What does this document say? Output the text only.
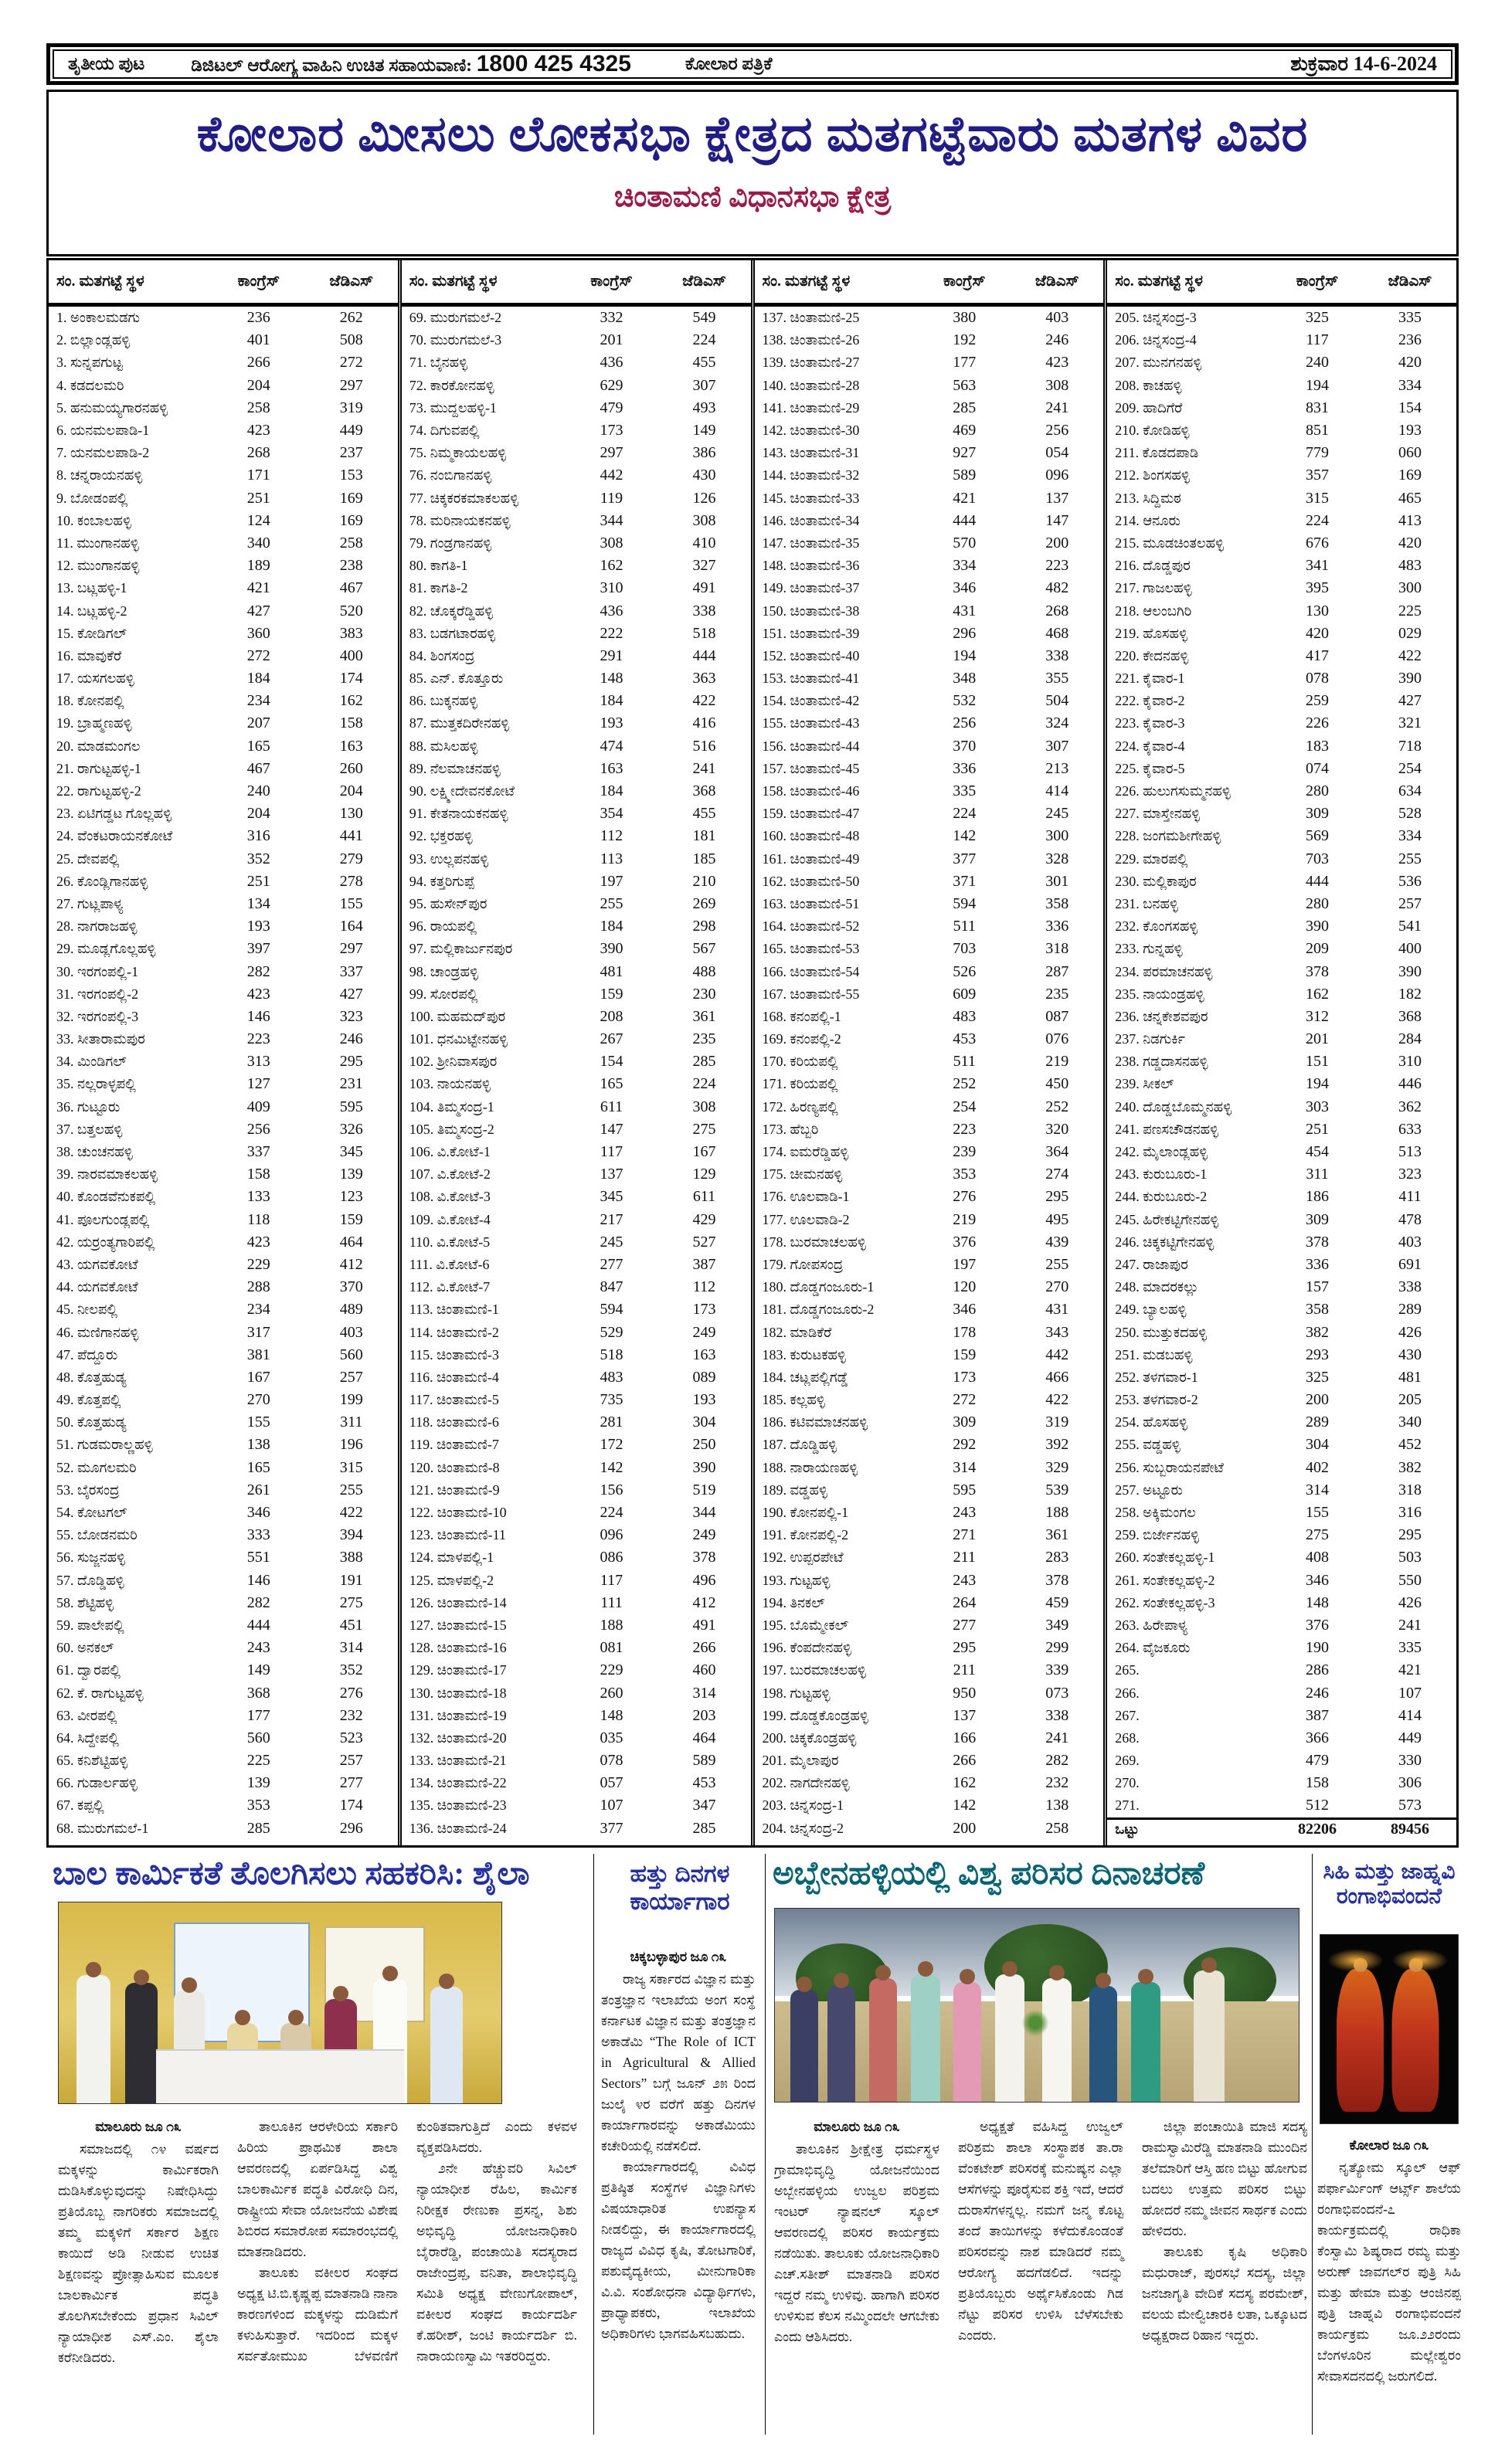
ತೃತೀಯ ಪುಟ	ಡಿಜಿಟಲ್ ಆರೋಗ್ಯ ವಾಹಿನಿ ಉಚಿತ ಸಹಾಯವಾಣಿ: 1800 425 4325	ಕೋಲಾರ ಪತ್ರಿಕೆ	ಶುಕ್ರವಾರ 14-6-2024
ಕೋಲಾರ ಮೀಸಲು ಲೋಕಸಭಾ ಕ್ಷೇತ್ರದ ಮತಗಟ್ಟೆವಾರು ಮತಗಳ ವಿವರ
ಚಿಂತಾಮಣಿ ವಿಧಾನಸಭಾ ಕ್ಷೇತ್ರ
ಸಂ. ಮತಗಟ್ಟೆ ಸ್ಥಳ	ಕಾಂಗ್ರೆಸ್	ಜೆಡಿಎಸ್
1. ಅಂಕಾಲಮಡಗು	236	262
2. ಬಿಲ್ಲಾಂಡ್ಲಹಳ್ಳಿ	401	508
3. ಸುನ್ನಪಗುಟ್ಟ	266	272
4. ಕಡದಲಮರಿ	204	297
5. ಹನುಮಯ್ಯಗಾರನಹಳ್ಳಿ	258	319
6. ಯನಮಲಪಾಡಿ-1	423	449
7. ಯನಮಲಪಾಡಿ-2	268	237
8. ಚನ್ನರಾಯನಹಳ್ಳಿ	171	153
9. ಬೋಡಂಪಲ್ಲಿ	251	169
10. ಕಂಬಾಲಹಳ್ಳಿ	124	169
11. ಮುಂಗಾನಹಳ್ಳಿ	340	258
12. ಮುಂಗಾನಹಳ್ಳಿ	189	238
13. ಬಟ್ಲಹಳ್ಳಿ-1	421	467
14. ಬಟ್ಲಹಳ್ಳಿ-2	427	520
15. ಕೋಡಿಗಲ್	360	383
16. ಮಾವುಕೆರೆ	272	400
17. ಯಸಗಲಹಳ್ಳಿ	184	174
18. ಕೋನಪಲ್ಲಿ	234	162
19. ಬ್ರಾಹ್ಮಣಹಳ್ಳಿ	207	158
20. ಮಾಡಮಂಗಲ	165	163
21. ರಾಗುಟ್ಟಹಳ್ಳಿ-1	467	260
22. ರಾಗುಟ್ಟಹಳ್ಳಿ-2	240	204
23. ಏಟಿಗಡ್ಡಟ ಗೊಲ್ಲಹಳ್ಳಿ	204	130
24. ವೆಂಕಟರಾಯನಕೋಟೆ	316	441
25. ದೇವಪಲ್ಲಿ	352	279
26. ಕೊಂಡ್ಲಿಗಾನಹಳ್ಳಿ	251	278
27. ಗುಟ್ಲಪಾಳ್ಯ	134	155
28. ನಾಗರಾಜಹಳ್ಳಿ	193	164
29. ಮೂಡ್ಲಗೊಲ್ಲಹಳ್ಳಿ	397	297
30. ಇರಗಂಪಲ್ಲಿ-1	282	337
31. ಇರಗಂಪಲ್ಲಿ-2	423	427
32. ಇರಗಂಪಲ್ಲಿ-3	146	323
33. ಸೀತಾರಾಮಪುರ	223	246
34. ಮಿಂಡಿಗಲ್	313	295
35. ನಲ್ಲರಾಳ್ಳಪಲ್ಲಿ	127	231
36. ಗುಟ್ಟೂರು	409	595
37. ಬತ್ತಲಹಳ್ಳಿ	256	326
38. ಚುಂಚನಹಳ್ಳಿ	337	345
39. ನಾರವಮಾಕಲಹಳ್ಳಿ	158	139
40. ಕೊಂಡವೆನುಕಪಲ್ಲಿ	133	123
41. ಪೂಲಗುಂಡ್ಲಪಲ್ಲಿ	118	159
42. ಯರ್ರಂತ್ಯಗಾರಿಪಲ್ಲಿ	423	464
43. ಯಗವಕೋಟೆ	229	412
44. ಯಗವಕೋಟೆ	288	370
45. ನೀಲಪಲ್ಲಿ	234	489
46. ಮಣಿಗಾನಹಳ್ಳಿ	317	403
47. ಪೆದ್ದೂರು	381	560
48. ಕೊತ್ತಹುಡ್ಯ	167	257
49. ಕೊತ್ತಪಲ್ಲಿ	270	199
50. ಕೊತ್ತಹುಡ್ಯ	155	311
51. ಗುಡಮರಾಲ್ಣಹಳ್ಳಿ	138	196
52. ಮೂಗಲಮರಿ	165	315
53. ಬೈರಸಂದ್ರ	261	255
54. ಕೋಟಗಲ್	346	422
55. ಬೋಡನಮರಿ	333	394
56. ಸುಜ್ಜನಹಳ್ಳಿ	551	388
57. ದೊಡ್ಡಿಹಳ್ಳಿ	146	191
58. ಶೆಟ್ಟಿಹಳ್ಳಿ	282	275
59. ಪಾಲೇಪಲ್ಲಿ	444	451
60. ಅನಕಲ್	243	314
61. ದ್ವಾರಪಲ್ಲಿ	149	352
62. ಕೆ. ರಾಗುಟ್ಟಹಳ್ಳಿ	368	276
63. ವೀರಪಲ್ಲಿ	177	232
64. ಸಿದ್ದೇಪಲ್ಲಿ	560	523
65. ಕನಿಶೆಟ್ಟಿಹಳ್ಳಿ	225	257
66. ಗುಡಾರ್ಲಹಳ್ಳಿ	139	277
67. ಕಪ್ಪಲ್ಲಿ	353	174
68. ಮುರುಗಮಲೆ-1	285	296
ಸಂ. ಮತಗಟ್ಟೆ ಸ್ಥಳ	ಕಾಂಗ್ರೆಸ್	ಜೆಡಿಎಸ್
69. ಮುರುಗಮಲೆ-2	332	549
70. ಮುರುಗಮಲೆ-3	201	224
71. ಬೈನಹಳ್ಳಿ	436	455
72. ಕಾರಕೋನಹಳ್ಳಿ	629	307
73. ಮುದ್ದಲಹಳ್ಳಿ-1	479	493
74. ದಿಗುವಪಲ್ಲಿ	173	149
75. ನಿಮ್ಮಕಾಯಲಹಳ್ಳಿ	297	386
76. ನಂಬಿಗಾನಹಳ್ಳಿ	442	430
77. ಚಿಕ್ಕಕರಕಮಾಕಲಹಳ್ಳಿ	119	126
78. ಮರಿನಾಯಕನಹಳ್ಳಿ	344	308
79. ಗಂಡ್ರಗಾನಹಳ್ಳಿ	308	410
80. ಕಾಗತಿ-1	162	327
81. ಕಾಗತಿ-2	310	491
82. ಚೊಕ್ಕರೆಡ್ಡಿಹಳ್ಳಿ	436	338
83. ಬಡಗಟಾರಹಳ್ಳಿ	222	518
84. ಶಿಂಗಸಂದ್ರ	291	444
85. ಎನ್. ಕೊತ್ತೂರು	148	363
86. ಬುಕ್ಕನಹಳ್ಳಿ	184	422
87. ಮುತ್ತಕದಿರೇನಹಳ್ಳಿ	193	416
88. ಮಸಿಲಹಳ್ಳಿ	474	516
89. ನೆಲಮಾಚನಹಳ್ಳಿ	163	241
90. ಲಕ್ಷ್ಮೀದೇವನಕೋಟೆ	184	368
91. ಕೇತನಾಯಕನಹಳ್ಳಿ	354	455
92. ಭಕ್ತರಹಳ್ಳಿ	112	181
93. ಉಲ್ಲಪನಹಳ್ಳಿ	113	185
94. ಕತ್ತರಿಗುಪ್ಪೆ	197	210
95. ಹುಸೇನ್‌ಪುರ	255	269
96. ರಾಯಪಲ್ಲಿ	184	298
97. ಮಲ್ಲಿಕಾರ್ಜುನಪುರ	390	567
98. ಚಾಂಡ್ರಹಳ್ಳಿ	481	488
99. ಸೋರಪಲ್ಲಿ	159	230
100. ಮಹಮದ್‌ಪುರ	208	361
101. ಧನಮಿಟ್ಟೇನಹಳ್ಳಿ	267	235
102. ಶ್ರೀನಿವಾಸಪುರ	154	285
103. ನಾಯನಹಳ್ಳಿ	165	224
104. ತಿಮ್ಮಸಂದ್ರ-1	611	308
105. ತಿಮ್ಮಸಂದ್ರ-2	147	275
106. ವಿ.ಕೋಟೆ-1	117	167
107. ವಿ.ಕೋಟೆ-2	137	129
108. ವಿ.ಕೋಟೆ-3	345	611
109. ವಿ.ಕೋಟೆ-4	217	429
110. ವಿ.ಕೋಟೆ-5	245	527
111. ವಿ.ಕೋಟೆ-6	277	387
112. ವಿ.ಕೋಟೆ-7	847	112
113. ಚಿಂತಾಮಣಿ-1	594	173
114. ಚಿಂತಾಮಣಿ-2	529	249
115. ಚಿಂತಾಮಣಿ-3	518	163
116. ಚಿಂತಾಮಣಿ-4	483	089
117. ಚಿಂತಾಮಣಿ-5	735	193
118. ಚಿಂತಾಮಣಿ-6	281	304
119. ಚಿಂತಾಮಣಿ-7	172	250
120. ಚಿಂತಾಮಣಿ-8	142	390
121. ಚಿಂತಾಮಣಿ-9	156	519
122. ಚಿಂತಾಮಣಿ-10	224	344
123. ಚಿಂತಾಮಣಿ-11	096	249
124. ಮಾಳಪಲ್ಲಿ-1	086	378
125. ಮಾಳಪಲ್ಲಿ-2	117	496
126. ಚಿಂತಾಮಣಿ-14	111	412
127. ಚಿಂತಾಮಣಿ-15	188	491
128. ಚಿಂತಾಮಣಿ-16	081	266
129. ಚಿಂತಾಮಣಿ-17	229	460
130. ಚಿಂತಾಮಣಿ-18	260	314
131. ಚಿಂತಾಮಣಿ-19	148	203
132. ಚಿಂತಾಮಣಿ-20	035	464
133. ಚಿಂತಾಮಣಿ-21	078	589
134. ಚಿಂತಾಮಣಿ-22	057	453
135. ಚಿಂತಾಮಣಿ-23	107	347
136. ಚಿಂತಾಮಣಿ-24	377	285
ಸಂ. ಮತಗಟ್ಟೆ ಸ್ಥಳ	ಕಾಂಗ್ರೆಸ್	ಜೆಡಿಎಸ್
137. ಚಿಂತಾಮಣಿ-25	380	403
138. ಚಿಂತಾಮಣಿ-26	192	246
139. ಚಿಂತಾಮಣಿ-27	177	423
140. ಚಿಂತಾಮಣಿ-28	563	308
141. ಚಿಂತಾಮಣಿ-29	285	241
142. ಚಿಂತಾಮಣಿ-30	469	256
143. ಚಿಂತಾಮಣಿ-31	927	054
144. ಚಿಂತಾಮಣಿ-32	589	096
145. ಚಿಂತಾಮಣಿ-33	421	137
146. ಚಿಂತಾಮಣಿ-34	444	147
147. ಚಿಂತಾಮಣಿ-35	570	200
148. ಚಿಂತಾಮಣಿ-36	334	223
149. ಚಿಂತಾಮಣಿ-37	346	482
150. ಚಿಂತಾಮಣಿ-38	431	268
151. ಚಿಂತಾಮಣಿ-39	296	468
152. ಚಿಂತಾಮಣಿ-40	194	338
153. ಚಿಂತಾಮಣಿ-41	348	355
154. ಚಿಂತಾಮಣಿ-42	532	504
155. ಚಿಂತಾಮಣಿ-43	256	324
156. ಚಿಂತಾಮಣಿ-44	370	307
157. ಚಿಂತಾಮಣಿ-45	336	213
158. ಚಿಂತಾಮಣಿ-46	335	414
159. ಚಿಂತಾಮಣಿ-47	224	245
160. ಚಿಂತಾಮಣಿ-48	142	300
161. ಚಿಂತಾಮಣಿ-49	377	328
162. ಚಿಂತಾಮಣಿ-50	371	301
163. ಚಿಂತಾಮಣಿ-51	594	358
164. ಚಿಂತಾಮಣಿ-52	511	336
165. ಚಿಂತಾಮಣಿ-53	703	318
166. ಚಿಂತಾಮಣಿ-54	526	287
167. ಚಿಂತಾಮಣಿ-55	609	235
168. ಕನಂಪಲ್ಲಿ-1	483	087
169. ಕನಂಪಲ್ಲಿ-2	453	076
170. ಕರಿಯಪಲ್ಲಿ	511	219
171. ಕರಿಯಪಲ್ಲಿ	252	450
172. ಹಿರಣ್ಯಪಲ್ಲಿ	254	252
173. ಹೆಬ್ಬರಿ	223	320
174. ಐಮರೆಡ್ಡಿಹಳ್ಳಿ	239	364
175. ಚೀಮನಹಳ್ಳಿ	353	274
176. ಊಲವಾಡಿ-1	276	295
177. ಊಲವಾಡಿ-2	219	495
178. ಬುರಮಾಚಲಹಳ್ಳಿ	376	439
179. ಗೋಪಸಂದ್ರ	197	255
180. ದೊಡ್ಡಗಂಜೂರು-1	120	270
181. ದೊಡ್ಡಗಂಜೂರು-2	346	431
182. ಮಾಡಿಕೆರೆ	178	343
183. ಕುರುಟಕಹಳ್ಳಿ	159	442
184. ಚಟ್ಲಪಲ್ಲಿಗಡ್ಡೆ	173	466
185. ಕಲ್ಲಹಳ್ಳಿ	272	422
186. ಕಟಿವಮಾಚನಹಳ್ಳಿ	309	319
187. ದೊಡ್ಡಿಹಳ್ಳಿ	292	392
188. ನಾರಾಯಣಹಳ್ಳಿ	314	329
189. ವಡ್ಡಹಳ್ಳಿ	595	539
190. ಕೋನಪಲ್ಲಿ-1	243	188
191. ಕೋನಪಲ್ಲಿ-2	271	361
192. ಉಪ್ಪರಪೇಟೆ	211	283
193. ಗುಟ್ಟಹಳ್ಳಿ	243	378
194. ತಿನಕಲ್	264	459
195. ಬೊಮ್ಮೇಕಲ್	277	349
196. ಕೆಂಪದೇನಹಳ್ಳಿ	295	299
197. ಬುರಮಾಚಲಹಳ್ಳಿ	211	339
198. ಗುಟ್ಟಹಳ್ಳಿ	950	073
199. ದೊಡ್ಡಕೊಂಡ್ರಹಳ್ಳಿ	137	338
200. ಚಿಕ್ಕಕೊಂಡ್ರಹಳ್ಳಿ	166	241
201. ಮೈಲಾಪುರ	266	282
202. ನಾಗದೇನಹಳ್ಳಿ	162	232
203. ಚಿನ್ನಸಂದ್ರ-1	142	138
204. ಚಿನ್ನಸಂದ್ರ-2	200	258
ಸಂ. ಮತಗಟ್ಟೆ ಸ್ಥಳ	ಕಾಂಗ್ರೆಸ್	ಜೆಡಿಎಸ್
205. ಚಿನ್ನಸಂದ್ರ-3	325	335
206. ಚಿನ್ನಸಂದ್ರ-4	117	236
207. ಮುನಗನಹಳ್ಳಿ	240	420
208. ಕಾಚಹಳ್ಳಿ	194	334
209. ಹಾದಿಗೆರೆ	831	154
210. ಕೋಡಿಹಳ್ಳಿ	851	193
211. ಕೊಡದಪಾಡಿ	779	060
212. ಶಿಂಗಸಹಳ್ಳಿ	357	169
213. ಸಿದ್ದಿಮಠ	315	465
214. ಆನೂರು	224	413
215. ಮೂಡಚಿಂತಲಹಳ್ಳಿ	676	420
216. ದೊಡ್ಡಪುರ	341	483
217. ಗಾಜಲಹಳ್ಳಿ	395	300
218. ಆಲಂಬಗಿರಿ	130	225
219. ಹೊಸಹಳ್ಳಿ	420	029
220. ಕೇದನಹಳ್ಳಿ	417	422
221. ಕೈವಾರ-1	078	390
222. ಕೈವಾರ-2	259	427
223. ಕೈವಾರ-3	226	321
224. ಕೈವಾರ-4	183	718
225. ಕೈವಾರ-5	074	254
226. ಹುಲುಗಸುಮ್ಮನಹಳ್ಳಿ	280	634
227. ಮಾಸ್ತೇನಹಳ್ಳಿ	309	528
228. ಜಂಗಮಶೀಗೇಹಳ್ಳಿ	569	334
229. ಮಾರಪಲ್ಲಿ	703	255
230. ಮಲ್ಲಿಕಾಪುರ	444	536
231. ಬನಹಳ್ಳಿ	280	257
232. ಕೊಂಗಸಹಳ್ಳಿ	390	541
233. ಗುನ್ನಹಳ್ಳಿ	209	400
234. ಪರಮಾಚನಹಳ್ಳಿ	378	390
235. ನಾಯಂಡ್ರಹಳ್ಳಿ	162	182
236. ಚನ್ನಕೇಶವಪುರ	312	368
237. ನಿಡಗುರ್ಕಿ	201	284
238. ಗಡ್ಡದಾಸನಹಳ್ಳಿ	151	310
239. ಸೀಕಲ್	194	446
240. ದೊಡ್ಡಬೊಮ್ಮನಹಳ್ಳಿ	303	362
241. ಪಣಸಚೌಡನಹಳ್ಳಿ	251	633
242. ಮೈಲಾಂಡ್ಲಹಳ್ಳಿ	454	513
243. ಕುರುಬೂರು-1	311	323
244. ಕುರುಬೂರು-2	186	411
245. ಹಿರೇಕಟ್ಟಿಗೇನಹಳ್ಳಿ	309	478
246. ಚಿಕ್ಕಕಟ್ಟಿಗೇನಹಳ್ಳಿ	378	403
247. ರಾಜಾಪುರ	336	691
248. ಮಾದರಕಲ್ಲು	157	338
249. ಬ್ಯಾಲಹಳ್ಳಿ	358	289
250. ಮುತ್ತುಕದಹಳ್ಳಿ	382	426
251. ಮಡಬಹಳ್ಳಿ	293	430
252. ತಳಗವಾರ-1	325	481
253. ತಳಗವಾರ-2	200	205
254. ಹೊಸಹಳ್ಳಿ	289	340
255. ವಡ್ಡಹಳ್ಳಿ	304	452
256. ಸುಬ್ಬರಾಯನಪೇಟೆ	402	382
257. ಅಟ್ಟೂರು	314	318
258. ಅಕ್ಕಿಮಂಗಲ	155	316
259. ಬಿರ್ಜೇನಹಳ್ಳಿ	275	295
260. ಸಂತೇಕಲ್ಲಹಳ್ಳಿ-1	408	503
261. ಸಂತೇಕಲ್ಲಹಳ್ಳಿ-2	346	550
262. ಸಂತೇಕಲ್ಲಹಳ್ಳಿ-3	148	426
263. ಹಿರೇಪಾಳ್ಯ	376	241
264. ವೈಜಕೂರು	190	335
265.	286	421
266.	246	107
267.	387	414
268.	366	449
269.	479	330
270.	158	306
271.	512	573
ಒಟ್ಟು	82206	89456
ಬಾಲ ಕಾರ್ಮಿಕತೆ ತೊಲಗಿಸಲು ಸಹಕರಿಸಿ: ಶೈಲಾ

ಮಾಲೂರು ಜೂ ೧೩

ಸಮಾಜದಲ್ಲಿ ೧೪ ವರ್ಷದ ಮಕ್ಕಳನ್ನು ಕಾರ್ಮಿಕರಾಗಿ ದುಡಿಸಿಕೊಳ್ಳುವುದನ್ನು ನಿಷೇಧಿಸಿದ್ದು ಪ್ರತಿಯೊಬ್ಬ ನಾಗರಿಕರು ಸಮಾಜದಲ್ಲಿ ತಮ್ಮ ಮಕ್ಕಳಿಗೆ ಸರ್ಕಾರ ಶಿಕ್ಷಣ ಕಾಯಿದೆ ಅಡಿ ನೀಡುವ ಉಚಿತ ಶಿಕ್ಷಣವನ್ನು ಪ್ರೋತ್ಸಾಹಿಸುವ ಮೂಲಕ ಬಾಲಕಾರ್ಮಿಕ ಪದ್ಧತಿ ತೊಲಗಿಸಬೇಕೆಂದು ಪ್ರಧಾನ ಸಿವಿಲ್ ನ್ಯಾಯಾಧೀಶ ಎಸ್.ಎಂ. ಶೈಲಾ ಕರೆನೀಡಿದರು.

ತಾಲೂಕಿನ ಆರಳೇರಿಯ ಸರ್ಕಾರಿ ಹಿರಿಯ ಪ್ರಾಥಮಿಕ ಶಾಲಾ ಆವರಣದಲ್ಲಿ ಏರ್ಪಡಿಸಿದ್ದ ವಿಶ್ವ ಬಾಲಕಾರ್ಮಿಕ ಪದ್ಧತಿ ವಿರೋಧಿ ದಿನ, ರಾಷ್ಟ್ರೀಯ ಸೇವಾ ಯೋಜನೆಯ ವಿಶೇಷ ಶಿಬಿರದ ಸಮಾರೋಪ ಸಮಾರಂಭದಲ್ಲಿ ಮಾತನಾಡಿದರು.

ತಾಲೂಕು ವಕೀಲರ ಸಂಘದ ಅಧ್ಯಕ್ಷ ಟಿ.ಬಿ.ಕೃಷ್ಣಪ್ಪ ಮಾತನಾಡಿ ನಾನಾ ಕಾರಣಗಳಿಂದ ಮಕ್ಕಳನ್ನು ದುಡಿಮೆಗೆ ಕಳುಹಿಸುತ್ತಾರೆ. ಇದರಿಂದ ಮಕ್ಕಳ ಸರ್ವತೋಮುಖ ಬೆಳವಣಿಗೆ ಕುಂಠಿತವಾಗುತ್ತಿದೆ ಎಂದು ಕಳವಳ ವ್ಯಕ್ತಪಡಿಸಿದರು.

೨ನೇ ಹೆಚ್ಚುವರಿ ಸಿವಿಲ್ ನ್ಯಾಯಾಧೀಶ ರೆಹಿಲ, ಕಾರ್ಮಿಕ ನಿರೀಕ್ಷಕ ರೇಣುಕಾ ಪ್ರಸನ್ನ, ಶಿಶು ಅಭಿವೃದ್ಧಿ ಯೋಜನಾಧಿಕಾರಿ ಬೈರಾರೆಡ್ಡಿ, ಪಂಚಾಯಿತಿ ಸದಸ್ಯರಾದ ರಾಜೇಂದ್ರಪ್ಪ, ವನಿತಾ, ಶಾಲಾಭಿವೃದ್ಧಿ ಸಮಿತಿ ಅಧ್ಯಕ್ಷ ವೇಣುಗೋಪಾಲ್, ವಕೀಲರ ಸಂಘದ ಕಾರ್ಯದರ್ಶಿ ಕೆ.ಹರೀಶ್, ಜಂಟಿ ಕಾರ್ಯದರ್ಶಿ ಬಿ. ನಾರಾಯಣಸ್ವಾಮಿ ಇತರರಿದ್ದರು.

ಹತ್ತು ದಿನಗಳ
ಕಾರ್ಯಾಗಾರ

ಚಿಕ್ಕಬಳ್ಳಾಪುರ ಜೂ ೧೩

ರಾಜ್ಯ ಸರ್ಕಾರದ ವಿಜ್ಞಾನ ಮತ್ತು ತಂತ್ರಜ್ಞಾನ ಇಲಾಖೆಯ ಅಂಗ ಸಂಸ್ಥೆ ಕರ್ನಾಟಕ ವಿಜ್ಞಾನ ಮತ್ತು ತಂತ್ರಜ್ಞಾನ ಅಕಾಡೆಮಿ “The Role of ICT in Agricultural & Allied Sectors” ಬಗ್ಗೆ ಜೂನ್ ೨೫ ರಿಂದ ಜುಲೈ ೪ರ ವರೆಗೆ ಹತ್ತು ದಿನಗಳ ಕಾರ್ಯಾಗಾರವನ್ನು ಅಕಾಡೆಮಿಯು ಕಚೇರಿಯಲ್ಲಿ ನಡೆಸಲಿದೆ.

ಕಾರ್ಯಾಗಾರದಲ್ಲಿ ವಿವಿಧ ಪ್ರತಿಷ್ಠಿತ ಸಂಸ್ಥೆಗಳ ವಿಜ್ಞಾನಿಗಳು ವಿಷಯಾಧಾರಿತ ಉಪನ್ಯಾಸ ನೀಡಲಿದ್ದು, ಈ ಕಾರ್ಯಾಗಾರದಲ್ಲಿ ರಾಜ್ಯದ ವಿವಿಧ ಕೃಷಿ, ತೋಟಗಾರಿಕೆ, ಪಶುವೈದ್ಯಕೀಯ, ಮೀನುಗಾರಿಕಾ ವಿ.ವಿ. ಸಂಶೋಧನಾ ವಿದ್ಯಾರ್ಥಿಗಳು, ಪ್ರಾಧ್ಯಾಪಕರು, ಇಲಾಖೆಯ ಅಧಿಕಾರಿಗಳು ಭಾಗವಹಿಸಬಹುದು.

ಅಬ್ಬೇನಹಳ್ಳಿಯಲ್ಲಿ ವಿಶ್ವ ಪರಿಸರ ದಿನಾಚರಣೆ

ಮಾಲೂರು ಜೂ ೧೩

ತಾಲೂಕಿನ ಶ್ರೀಕ್ಷೇತ್ರ ಧರ್ಮಸ್ಥಳ ಗ್ರಾಮಾಭಿವೃದ್ಧಿ ಯೋಜನೆಯಿಂದ ಅಬ್ಬೇನಹಳ್ಳಿಯ ಉಜ್ವಲ ಪರಿಶ್ರಮ ಇಂಟರ್ ನ್ಯಾಷನಲ್ ಸ್ಕೂಲ್ ಆವರಣದಲ್ಲಿ ಪರಿಸರ ಕಾರ್ಯಕ್ರಮ ನಡೆಯಿತು. ತಾಲೂಕು ಯೋಜನಾಧಿಕಾರಿ ಎಚ್.ಸತೀಶ್ ಮಾತನಾಡಿ ಪರಿಸರ ಇದ್ದರೆ ನಮ್ಮ ಉಳಿವು. ಹಾಗಾಗಿ ಪರಿಸರ ಉಳಿಸುವ ಕೆಲಸ ನಮ್ಮಿಂದಲೇ ಆಗಬೇಕು ಎಂದು ಆಶಿಸಿದರು.

ಅಧ್ಯಕ್ಷತೆ ವಹಿಸಿದ್ದ ಉಜ್ವಲ್ ಪರಿಶ್ರಮ ಶಾಲಾ ಸಂಸ್ಥಾಪಕ ತಾ.ರಾ ವೆಂಕಟೇಶ್ ಪರಿಸರಕ್ಕೆ ಮನುಷ್ಯನ ಎಲ್ಲಾ ಆಸೆಗಳನ್ನು ಪೂರೈಸುವ ಶಕ್ತಿ ಇದೆ, ಆದರೆ ದುರಾಸೆಗಳನ್ನಲ್ಲ. ನಮಗೆ ಜನ್ಮ ಕೊಟ್ಟ ತಂದೆ ತಾಯಿಗಳನ್ನು ಕಳೆದುಕೊಂಡಂತೆ ಪರಿಸರವನ್ನು ನಾಶ ಮಾಡಿದರೆ ನಮ್ಮ ಆರೋಗ್ಯ ಹದಗೆಡಲಿದೆ. ಇದನ್ನು ಪ್ರತಿಯೊಬ್ಬರು ಅರ್ಥೈಸಿಕೊಂಡು ಗಿಡ ನೆಟ್ಟು ಪರಿಸರ ಉಳಿಸಿ ಬೆಳೆಸಬೇಕು ಎಂದರು.

ಜಿಲ್ಲಾ ಪಂಚಾಯಿತಿ ಮಾಜಿ ಸದಸ್ಯ ರಾಮಸ್ವಾಮಿರೆಡ್ಡಿ ಮಾತನಾಡಿ ಮುಂದಿನ ತಲೆಮಾರಿಗೆ ಆಸ್ತಿ ಹಣ ಬಿಟ್ಟು ಹೋಗುವ ಬದಲು ಉತ್ತಮ ಪರಿಸರ ಬಿಟ್ಟು ಹೋದರೆ ನಮ್ಮ ಜೀವನ ಸಾರ್ಥಕ ಎಂದು ಹೇಳಿದರು.

ತಾಲೂಕು ಕೃಷಿ ಅಧಿಕಾರಿ ಮಧುರಾಜ್, ಪುರಸಭೆ ಸದಸ್ಯ, ಜಿಲ್ಲಾ ಜನಜಾಗೃತಿ ವೇದಿಕೆ ಸದಸ್ಯ ಪರಮೇಶ್, ವಲಯ ಮೇಲ್ವಿಚಾರಕಿ ಲತಾ, ಒಕ್ಕೂಟದ ಅಧ್ಯಕ್ಷರಾದ ರಿಹಾನ ಇದ್ದರು.

ಸಿಹಿ ಮತ್ತು ಜಾಹ್ನವಿ
ರಂಗಾಭಿವಂದನೆ

ಕೋಲಾರ ಜೂ ೧೩

ನೃತ್ಯೋಮ ಸ್ಕೂಲ್ ಆಫ್ ಪರ್ಫಾರ್ಮಿಂಗ್ ಆರ್ಟ್ಸ್ ಶಾಲೆಯ ರಂಗಾಭಿವಂದನೆ-೭ ಕಾರ್ಯಕ್ರಮದಲ್ಲಿ ರಾಧಿಕಾ ಕೆಂಸ್ವಾಮಿ ಶಿಷ್ಯರಾದ ರಮ್ಯ ಮತ್ತು ಅರುಣ್ ಜಾವಗಲ್‌ರ ಪುತ್ರಿ ಸಿಹಿ ಮತ್ತು ಹೇಮಾ ಮತ್ತು ಆಂಜಿನಪ್ಪ ಪುತ್ರಿ ಜಾಹ್ನವಿ ರಂಗಾಭಿವಂದನೆ ಕಾರ್ಯಕ್ರಮ ಜೂ.೨೨ರಂದು ಬೆಂಗಳೂರಿನ ಮಲ್ಲೇಶ್ವರಂ ಸೇವಾಸದನದಲ್ಲಿ ಜರುಗಲಿದೆ.
